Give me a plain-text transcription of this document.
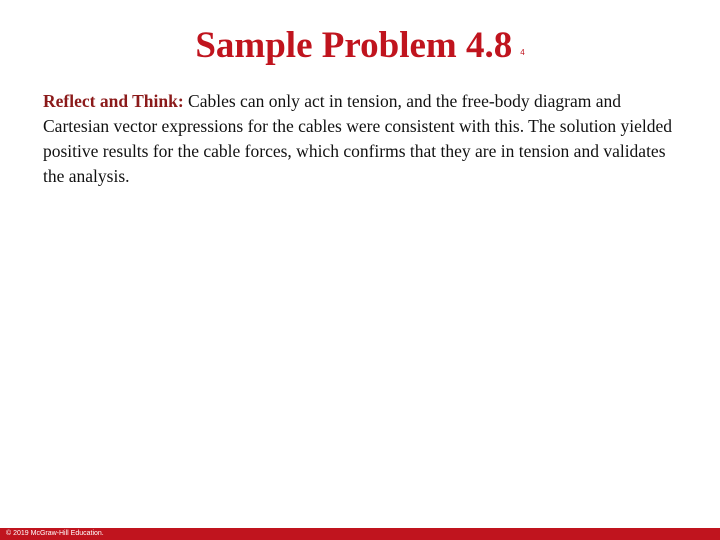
Sample Problem 4.8 4
Reflect and Think: Cables can only act in tension, and the free-body diagram and Cartesian vector expressions for the cables were consistent with this. The solution yielded positive results for the cable forces, which confirms that they are in tension and validates the analysis.
© 2019 McGraw-Hill Education.
